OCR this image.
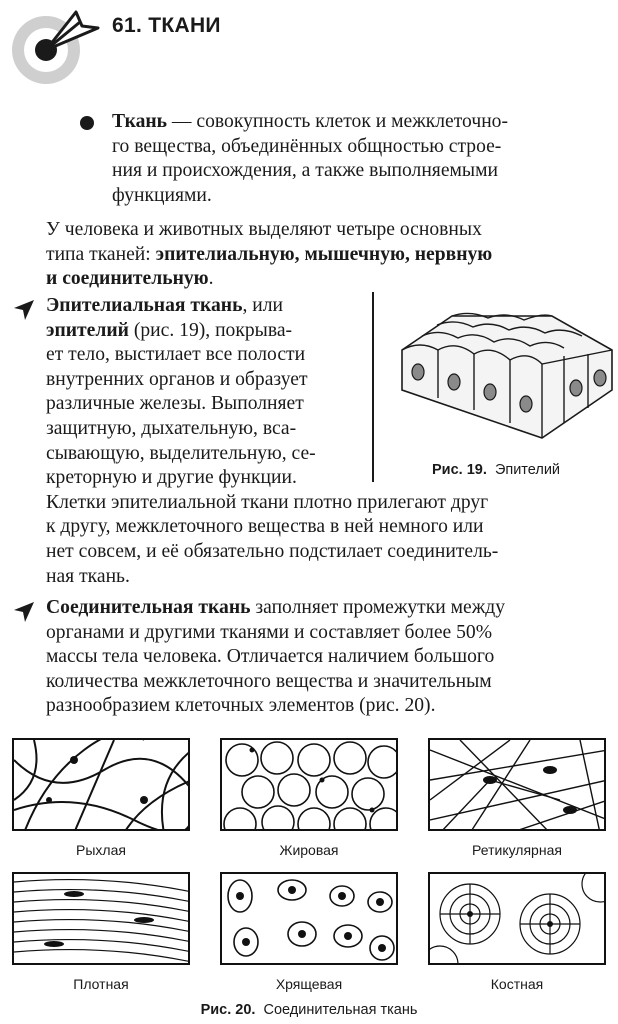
61. ТКАНИ
Ткань — совокупность клеток и межклеточно-
го вещества, объединённых общностью строе-
ния и происхождения, а также выполняемыми
функциями.
У человека и животных выделяют четыре основных
типа тканей: эпителиальную, мышечную, нервную
и соединительную.
Эпителиальная ткань, или
эпителий (рис. 19), покрыва-
ет тело, выстилает все полости
внутренних органов и образует
различные железы. Выполняет
защитную, дыхательную, вса-
сывающую, выделительную, се-
креторную и другие функции.
Клетки эпителиальной ткани плотно прилегают друг
к другу, межклеточного вещества в ней немного или
нет совсем, и её обязательно подстилает соединитель-
ная ткань.
Рис. 19. Эпителий
Соединительная ткань заполняет промежутки между
органами и другими тканями и составляет более 50%
массы тела человека. Отличается наличием большого
количества межклеточного вещества и значительным
разнообразием клеточных элементов (рис. 20).
Рыхлая	Жировая	Ретикулярная
Плотная	Хрящевая	Костная
Рис. 20. Соединительная ткань
